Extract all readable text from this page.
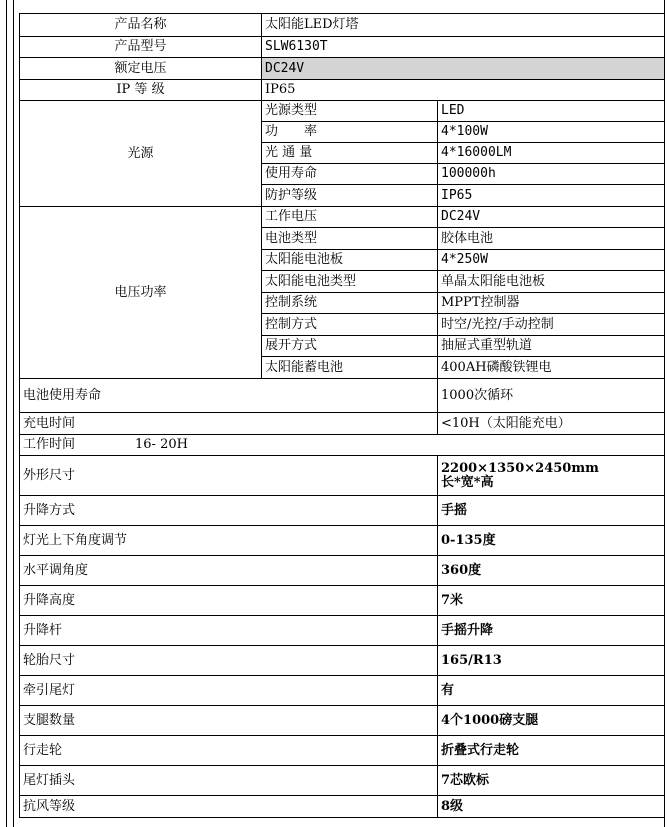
产品名称	太阳能LED灯塔	
产品型号	SLW6130T	
额定电压	DC24V	
IP 等 级	IP65	
光源	光源类型	LED
	功　　率	4*100W
	光 通 量	4*16000LM
	使用寿命	100000h
	防护等级	IP65
电压功率	工作电压	DC24V
	电池类型	胶体电池
	太阳能电池板	4*250W
	太阳能电池类型	单晶太阳能电池板
	控制系统	MPPT控制器
	控制方式	时空/光控/手动控制
	展开方式	抽屉式重型轨道
	太阳能蓄电池	400AH磷酸铁锂电
电池使用寿命		1000次循环
充电时间		<10H（太阳能充电）
工作时间 16- 20H		
外形尺寸		2200×1350×2450mm
长*宽*高

升降方式		手摇
灯光上下角度调节		0-135度
水平调角度		360度
升降高度		7米
升降杆		手摇升降
轮胎尺寸		165/R13
牵引尾灯		有
支腿数量		4个1000磅支腿
行走轮		折叠式行走轮
尾灯插头		7芯欧标
抗风等级		8级
